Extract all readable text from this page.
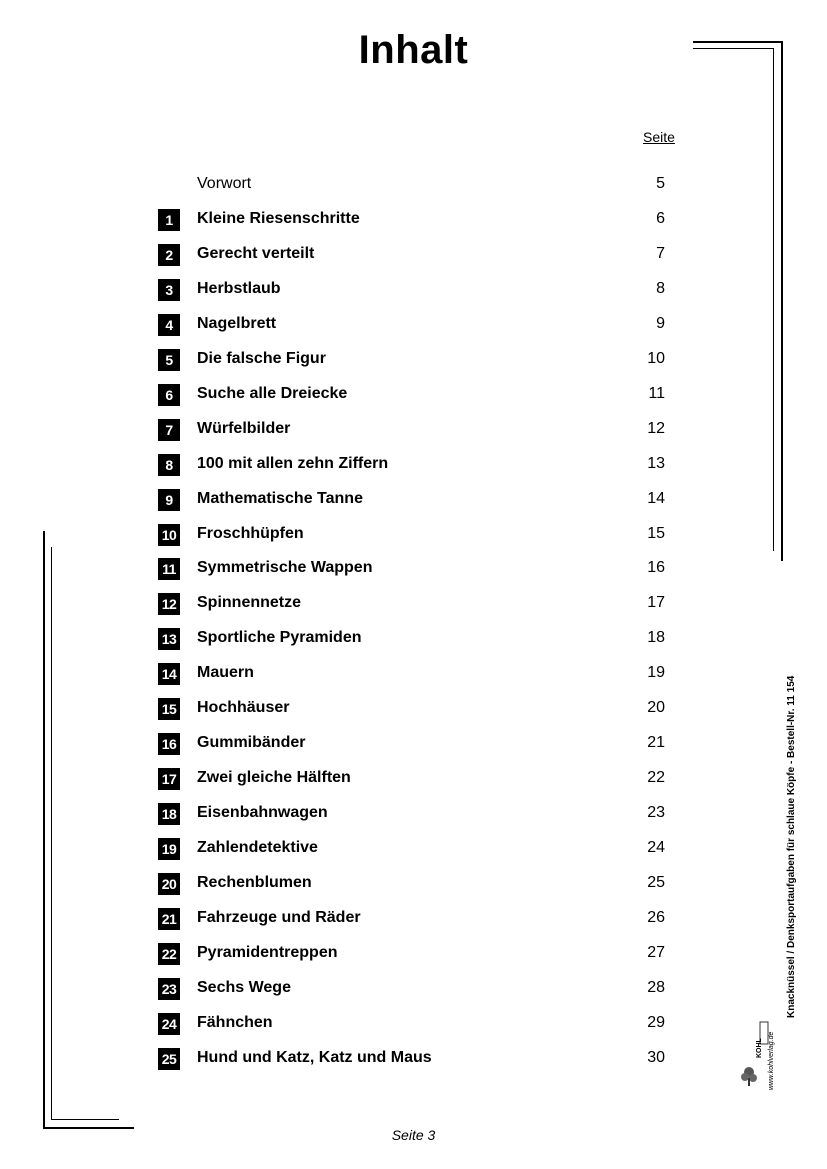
Inhalt
Seite
Vorwort	5
1	Kleine Riesenschritte	6
2	Gerecht verteilt	7
3	Herbstlaub	8
4	Nagelbrett	9
5	Die falsche Figur	10
6	Suche alle Dreiecke	11
7	Würfelbilder	12
8	100 mit allen zehn Ziffern	13
9	Mathematische Tanne	14
10 Froschhüpfen	15
11 Symmetrische Wappen	16
12 Spinnennetze	17
13 Sportliche Pyramiden	18
14 Mauern	19
15 Hochhäuser	20
16 Gummibänder	21
17 Zwei gleiche Hälften	22
18 Eisenbahnwagen	23
19 Zahlendetektive	24
20 Rechenblumen	25
21 Fahrzeuge und Räder	26
22 Pyramidentreppen	27
23 Sechs Wege	28
24 Fähnchen	29
25 Hund und Katz, Katz und Maus	30
Knacknüssel / Denksportaufgaben für schlaue Köpfe - Bestell-Nr. 11 154
www.kohlverlag.de
KOHL
Seite 3
